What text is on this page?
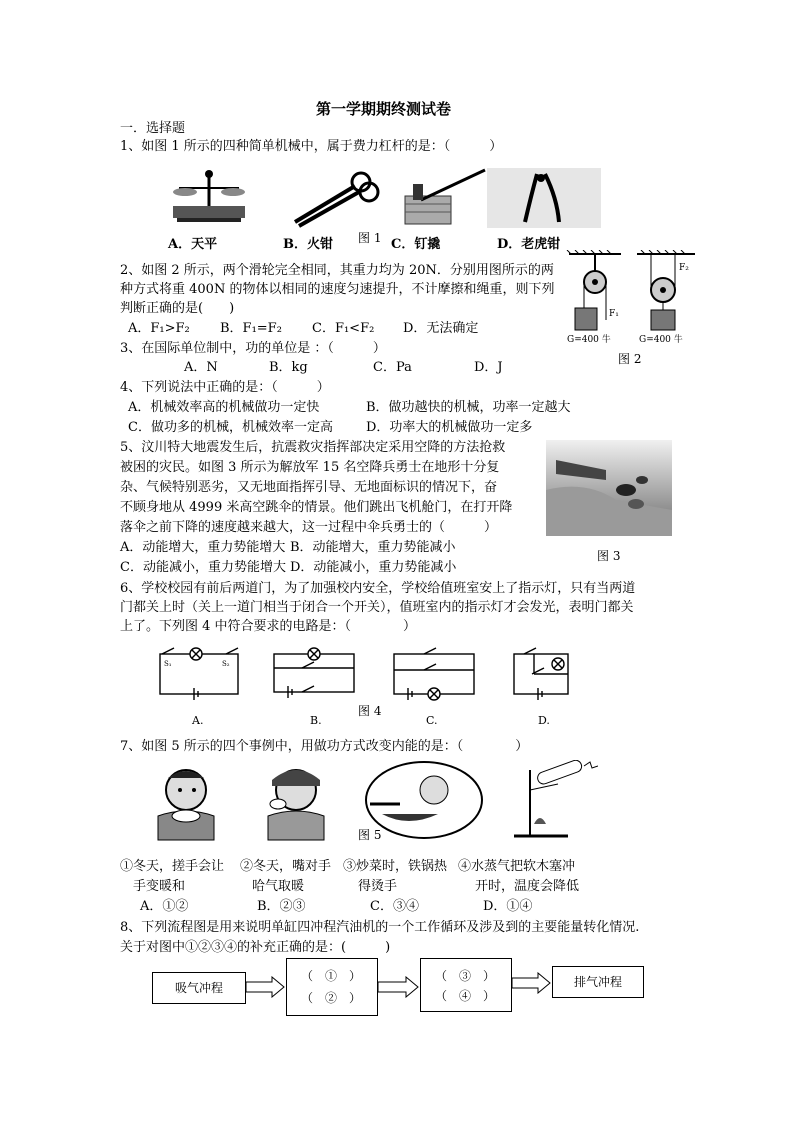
第一学期期终测试卷
一．选择题
1、如图 1 所示的四种简单机械中，属于费力杠杆的是：（　　　）
图 1
A．天平	B．火钳	C．钉撬	D．老虎钳
2、如图 2 所示，两个滑轮完全相同，其重力均为 20N．分别用图所示的两
种方式将重 400N 的物体以相同的速度匀速提升，不计摩擦和绳重，则下列
判断正确的是(　　)
A．F₁>F₂ B．F₁=F₂ C．F₁<F₂ D．无法确定
F₁
F₂
G=400 牛	G=400 牛
图 2
3、在国际单位制中，功的单位是 ：（　　　）
A．N	B．kg	C．Pa	D．J
4、下列说法中正确的是：（　　　）
A．机械效率高的机械做功一定快	B．做功越快的机械，功率一定越大
C．做功多的机械，机械效率一定高	D．功率大的机械做功一定多
5、汶川特大地震发生后，抗震救灾指挥部决定采用空降的方法抢救
被困的灾民。如图 3 所示为解放军 15 名空降兵勇士在地形十分复
杂、气候特别恶劣，又无地面指挥引导、无地面标识的情况下，奋
不顾身地从 4999 米高空跳伞的情景。他们跳出飞机舱门，在打开降
落伞之前下降的速度越来越大，这一过程中伞兵勇士的（　　　）
A．动能增大，重力势能增大 B．动能增大，重力势能减小
C．动能减小，重力势能增大 D．动能减小，重力势能减小
图 3
6、学校校园有前后两道门，为了加强校内安全，学校给值班室安上了指示灯，只有当两道
门都关上时（关上一道门相当于闭合一个开关），值班室内的指示灯才会发光，表明门都关
上了。下列图 4 中符合要求的电路是：（　　　　）
S₁	S₂
A.	B.	C.	D.
图 4
7、如图 5 所示的四个事例中，用做功方式改变内能的是：（　　　　）
图 5
①冬天，搓手会让 ②冬天，嘴对手 ③炒菜时，铁锅热 ④水蒸气把软木塞冲
手变暖和	哈气取暖	得烫手	开时，温度会降低
A．①②	B．②③	C．③④	D．①④
8、下列流程图是用来说明单缸四冲程汽油机的一个工作循环及涉及到的主要能量转化情况.
关于对图中①②③④的补充正确的是：(　　　)
吸气冲程
（　①　）
（　②　）
（　③　）
（　④　）
排气冲程
